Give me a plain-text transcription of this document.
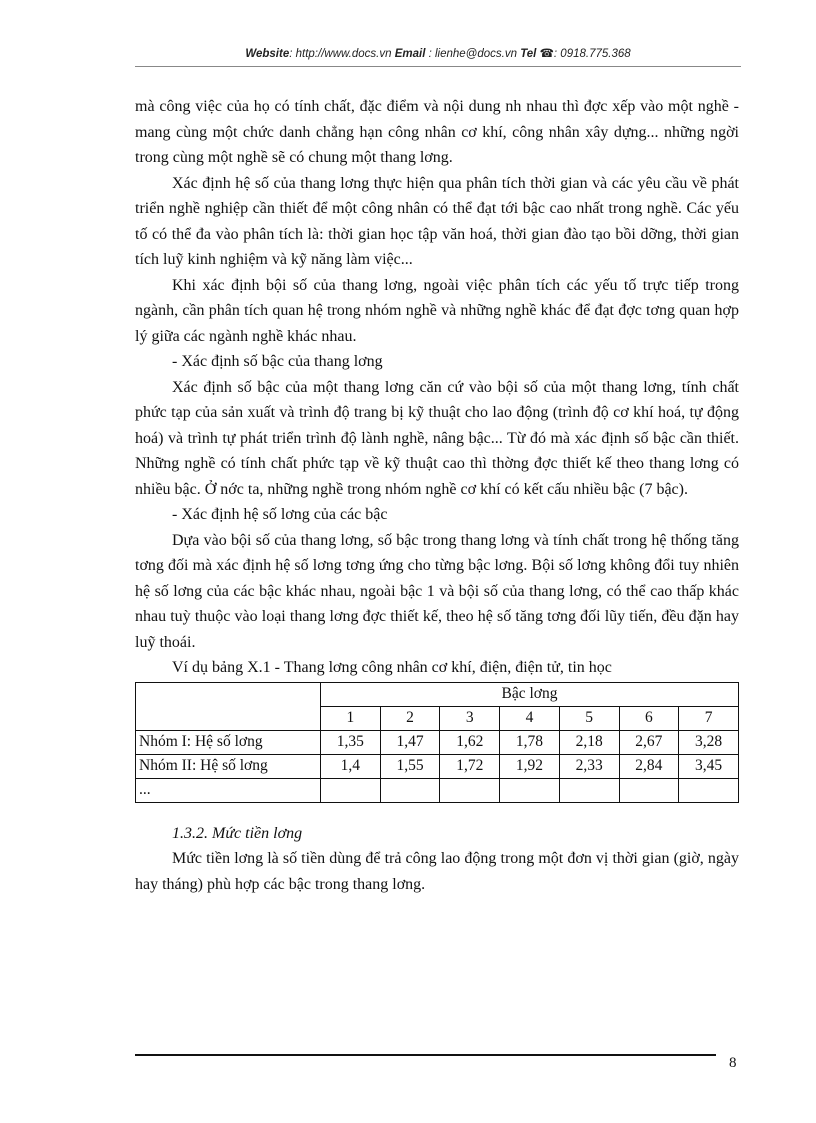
Website: http://www.docs.vn Email : lienhe@docs.vn Tel ☎: 0918.775.368

mà công việc của họ có tính chất, đặc điểm và nội dung nh nhau thì đợc xếp vào một nghề - mang cùng một chức danh chẳng hạn công nhân cơ khí, công nhân xây dựng... những ngời trong cùng một nghề sẽ có chung một thang lơng.

Xác định hệ số của thang lơng thực hiện qua phân tích thời gian và các yêu cầu về phát triển nghề nghiệp cần thiết để một công nhân có thể đạt tới bậc cao nhất trong nghề. Các yếu tố có thể đa vào phân tích là: thời gian học tập văn hoá, thời gian đào tạo bồi dỡng, thời gian tích luỹ kinh nghiệm và kỹ năng làm việc...

Khi xác định bội số của thang lơng, ngoài việc phân tích các yếu tố trực tiếp trong ngành, cần phân tích quan hệ trong nhóm nghề và những nghề khác để đạt đợc tơng quan hợp lý giữa các ngành nghề khác nhau.

- Xác định số bậc của thang lơng

Xác định số bậc của một thang lơng căn cứ vào bội số của một thang lơng, tính chất phức tạp của sản xuất và trình độ trang bị kỹ thuật cho lao động (trình độ cơ khí hoá, tự động hoá) và trình tự phát triển trình độ lành nghề, nâng bậc... Từ đó mà xác định số bậc cần thiết. Những nghề có tính chất phức tạp về kỹ thuật cao thì thờng đợc thiết kế theo thang lơng có nhiều bậc. Ở nớc ta, những nghề trong nhóm nghề cơ khí có kết cấu nhiều bậc (7 bậc).

- Xác định hệ số lơng của các bậc

Dựa vào bội số của thang lơng, số bậc trong thang lơng và tính chất trong hệ thống tăng tơng đối mà xác định hệ số lơng tơng ứng cho từng bậc lơng. Bội số lơng không đổi tuy nhiên hệ số lơng của các bậc khác nhau, ngoài bậc 1 và bội số của thang lơng, có thể cao thấp khác nhau tuỳ thuộc vào loại thang lơng đợc thiết kế, theo hệ số tăng tơng đối lũy tiến, đều đặn hay luỹ thoái.

Ví dụ bảng X.1 - Thang lơng công nhân cơ khí, điện, điện tử, tin học

	Bậc lơng						
	1	2	3	4	5	6	7
Nhóm I: Hệ số lơng	1,35	1,47	1,62	1,78	2,18	2,67	3,28
Nhóm II: Hệ số lơng	1,4	1,55	1,72	1,92	2,33	2,84	3,45
...							

1.3.2. Mức tiền lơng

Mức tiền lơng là số tiền dùng để trả công lao động trong một đơn vị thời gian (giờ, ngày hay tháng) phù hợp các bậc trong thang lơng.

8
